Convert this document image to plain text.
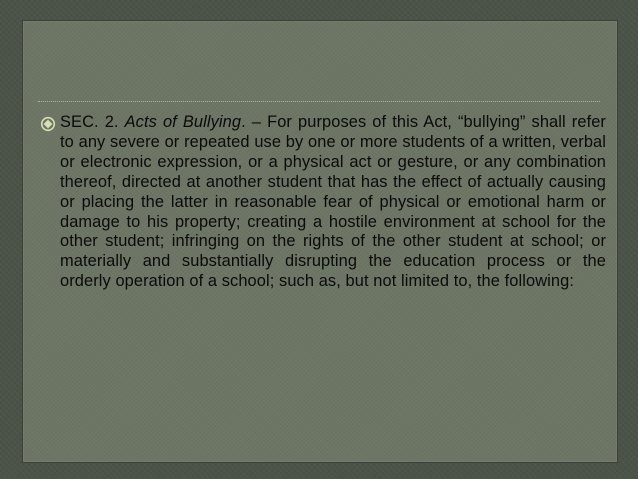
SEC. 2. Acts of Bullying. – For purposes of this Act, “bullying” shall refer to any severe or repeated use by one or more students of a written, verbal or electronic expression, or a physical act or gesture, or any combination thereof, directed at another student that has the effect of actually causing or placing the latter in reasonable fear of physical or emotional harm or damage to his property; creating a hostile environment at school for the other student; infringing on the rights of the other student at school; or materially and substantially disrupting the education process or the orderly operation of a school; such as, but not limited to, the following:
